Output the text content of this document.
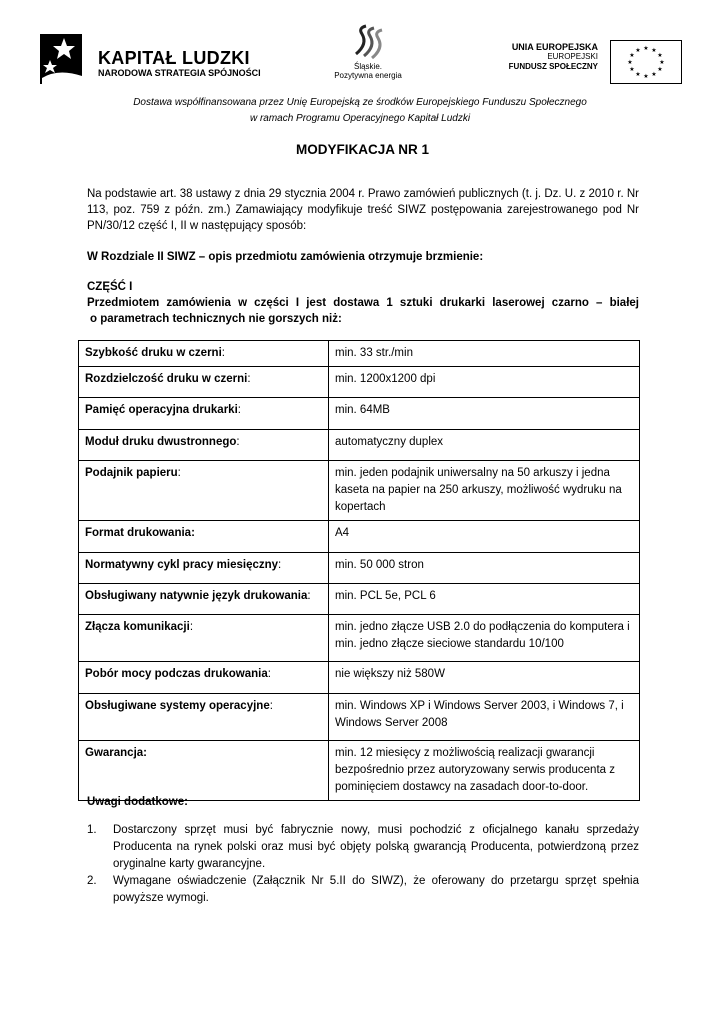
KAPITAŁ LUDZKI
NARODOWA STRATEGIA SPÓJNOŚCI
Śląskie.
Pozytywna energia
UNIA EUROPEJSKA
EUROPEJSKI
FUNDUSZ SPOŁECZNY
★ ★
★
★
★
★
★
★
★
★
★
★
Dostawa współfinansowana przez Unię Europejską ze środków Europejskiego Funduszu Społecznego
w ramach Programu Operacyjnego Kapitał Ludzki
MODYFIKACJA NR 1
Na podstawie art. 38 ustawy z dnia 29 stycznia 2004 r. Prawo zamówień publicznych (t. j. Dz. U. z 2010 r. Nr 113, poz. 759 z późn. zm.) Zamawiający modyfikuje treść SIWZ postępowania zarejestrowanego pod Nr PN/30/12 część I, II w następujący sposób:
W Rozdziale II SIWZ – opis przedmiotu zamówienia otrzymuje brzmienie:
CZĘŚĆ I
Przedmiotem zamówienia w części I jest dostawa 1 sztuki drukarki laserowej czarno – białej
o parametrach technicznych nie gorszych niż:
Szybkość druku w czerni:	min. 33 str./min
Rozdzielczość druku w czerni:	min. 1200x1200 dpi
Pamięć operacyjna drukarki:	min. 64MB
Moduł druku dwustronnego:	automatyczny duplex
Podajnik papieru:	min. jeden podajnik uniwersalny na 50 arkuszy i jedna kaseta na papier na 250 arkuszy, możliwość wydruku na kopertach
Format drukowania:	A4
Normatywny cykl pracy miesięczny:	min. 50 000 stron
Obsługiwany natywnie język drukowania:	min. PCL 5e, PCL 6
Złącza komunikacji:	min. jedno złącze USB 2.0 do podłączenia do komputera i min. jedno złącze sieciowe standardu 10/100
Pobór mocy podczas drukowania:	nie większy niż 580W
Obsługiwane systemy operacyjne:	min. Windows XP i Windows Server 2003, i Windows 7, i Windows Server 2008
Gwarancja:	min. 12 miesięcy z możliwością realizacji gwarancji bezpośrednio przez autoryzowany serwis producenta z pominięciem dostawcy na zasadach door-to-door.
Uwagi dodatkowe:
1.	Dostarczony sprzęt musi być fabrycznie nowy, musi pochodzić z oficjalnego kanału sprzedaży Producenta na rynek polski oraz musi być objęty polską gwarancją Producenta, potwierdzoną przez oryginalne karty gwarancyjne.
2.	Wymagane oświadczenie (Załącznik Nr 5.II do SIWZ), że oferowany do przetargu sprzęt spełnia powyższe wymogi.
